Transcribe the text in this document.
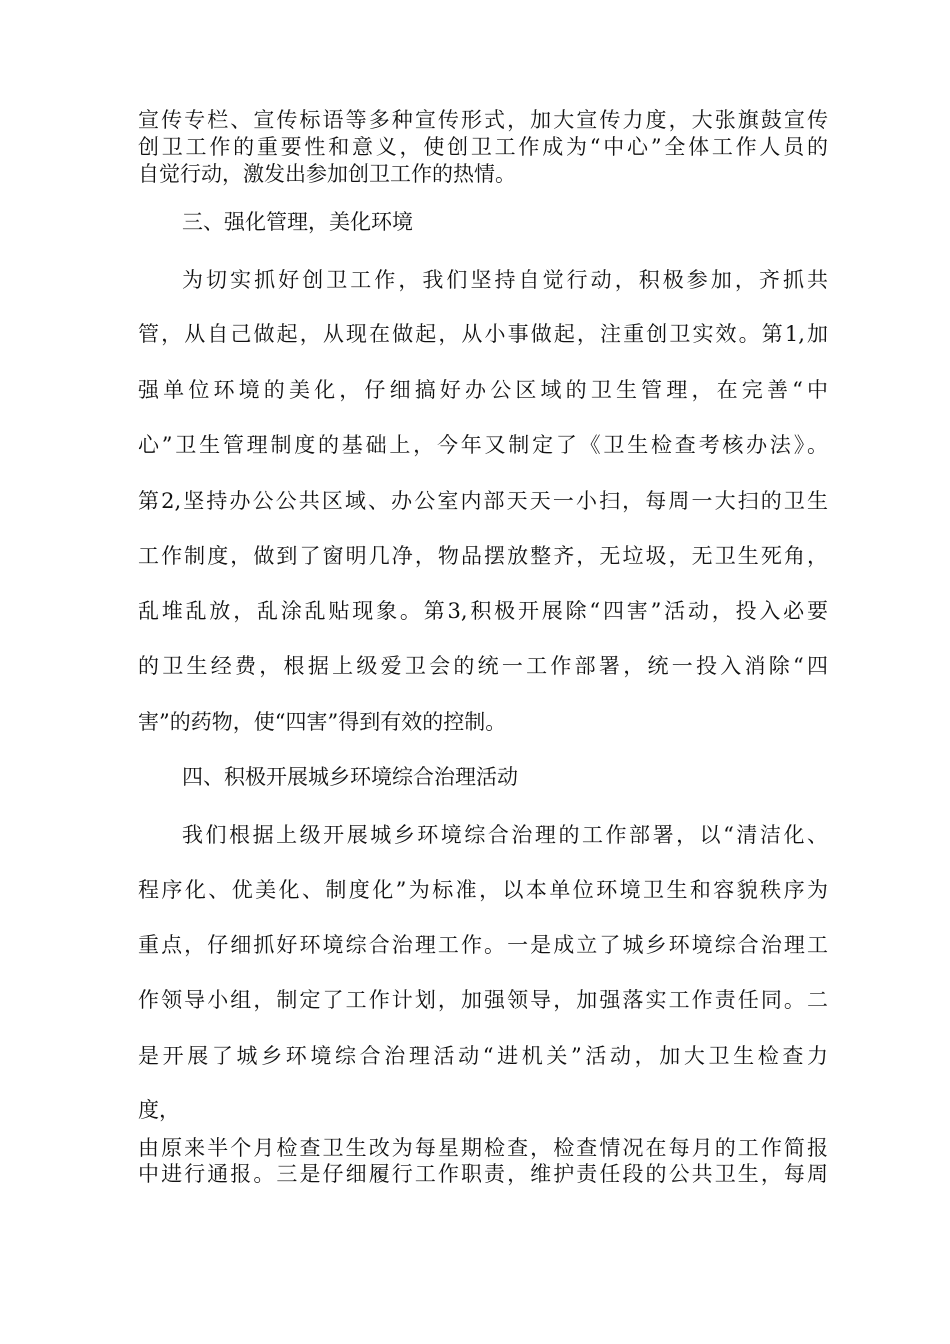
宣传专栏、宣传标语等多种宣传形式，加大宣传力度，大张旗鼓宣传
创卫工作的重要性和意义，使创卫工作成为“中心”全体工作人员的
自觉行动，激发出参加创卫工作的热情。
三、强化管理，美化环境
为切实抓好创卫工作，我们坚持自觉行动，积极参加，齐抓共
管，从自己做起，从现在做起，从小事做起，注重创卫实效。第1,加
强单位环境的美化，仔细搞好办公区域的卫生管理，在完善“中
心”卫生管理制度的基础上，今年又制定了《卫生检查考核办法》。
第2,坚持办公公共区域、办公室内部天天一小扫，每周一大扫的卫生
工作制度，做到了窗明几净，物品摆放整齐，无垃圾，无卫生死角，
乱堆乱放，乱涂乱贴现象。第3,积极开展除“四害”活动，投入必要
的卫生经费，根据上级爱卫会的统一工作部署，统一投入消除“四
害”的药物，使“四害”得到有效的控制。
四、积极开展城乡环境综合治理活动
我们根据上级开展城乡环境综合治理的工作部署，以“清洁化、
程序化、优美化、制度化”为标准，以本单位环境卫生和容貌秩序为
重点，仔细抓好环境综合治理工作。一是成立了城乡环境综合治理工
作领导小组，制定了工作计划，加强领导，加强落实工作责任同。二
是开展了城乡环境综合治理活动“进机关”活动，加大卫生检查力
度，
由原来半个月检查卫生改为每星期检查，检查情况在每月的工作简报
中进行通报。三是仔细履行工作职责，维护责任段的公共卫生，每周
